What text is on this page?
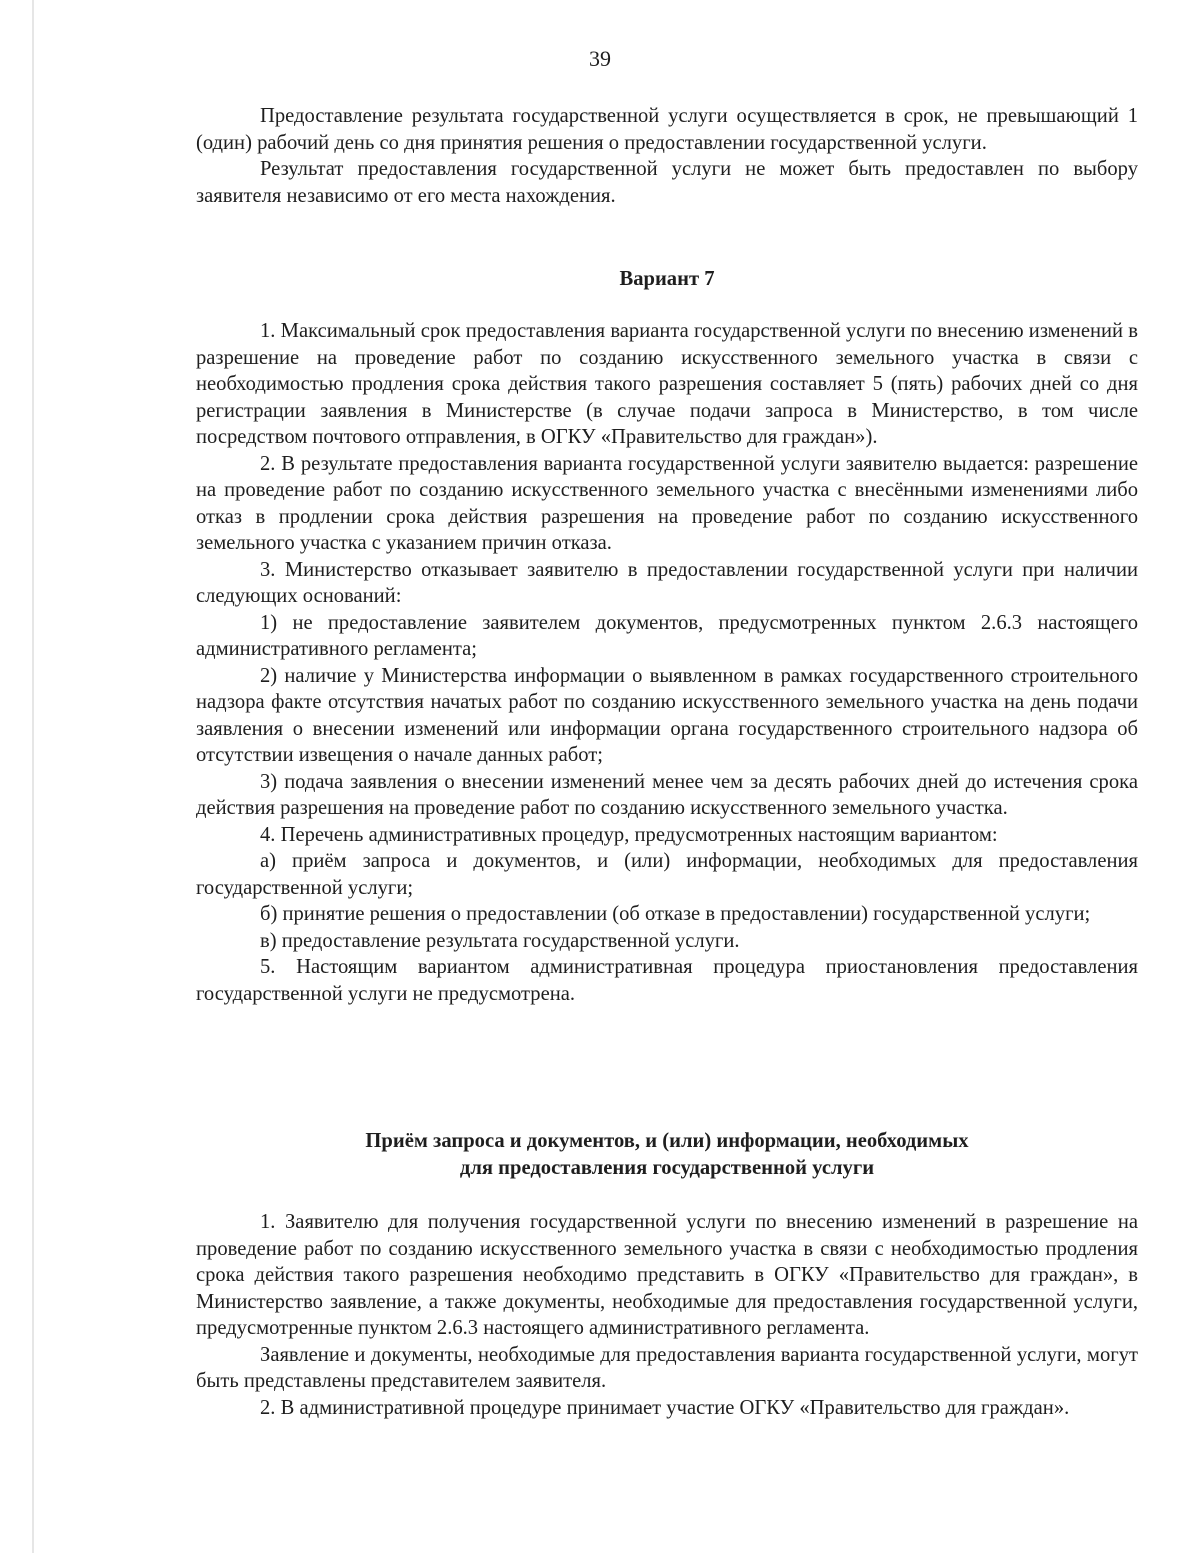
39

Предоставление результата государственной услуги осуществляется в срок, не превышающий 1 (один) рабочий день со дня принятия решения о предоставлении государственной услуги.

Результат предоставления государственной услуги не может быть предоставлен по выбору заявителя независимо от его места нахождения.

Вариант 7

1. Максимальный срок предоставления варианта государственной услуги по внесению изменений в разрешение на проведение работ по созданию искусственного земельного участка в связи с необходимостью продления срока действия такого разрешения составляет 5 (пять) рабочих дней со дня регистрации заявления в Министерстве (в случае подачи запроса в Министерство, в том числе посредством почтового отправления, в ОГКУ «Правительство для граждан»).

2. В результате предоставления варианта государственной услуги заявителю выдается: разрешение на проведение работ по созданию искусственного земельного участка с внесёнными изменениями либо отказ в продлении срока действия разрешения на проведение работ по созданию искусственного земельного участка с указанием причин отказа.

3. Министерство отказывает заявителю в предоставлении государственной услуги при наличии следующих оснований:

1) не предоставление заявителем документов, предусмотренных пунктом 2.6.3 настоящего административного регламента;

2) наличие у Министерства информации о выявленном в рамках государственного строительного надзора факте отсутствия начатых работ по созданию искусственного земельного участка на день подачи заявления о внесении изменений или информации органа государственного строительного надзора об отсутствии извещения о начале данных работ;

3) подача заявления о внесении изменений менее чем за десять рабочих дней до истечения срока действия разрешения на проведение работ по созданию искусственного земельного участка.

4. Перечень административных процедур, предусмотренных настоящим вариантом:

а) приём запроса и документов, и (или) информации, необходимых для предоставления государственной услуги;

б) принятие решения о предоставлении (об отказе в предоставлении) государственной услуги;

в) предоставление результата государственной услуги.

5. Настоящим вариантом административная процедура приостановления предоставления государственной услуги не предусмотрена.

Приём запроса и документов, и (или) информации, необходимых
для предоставления государственной услуги

1. Заявителю для получения государственной услуги по внесению изменений в разрешение на проведение работ по созданию искусственного земельного участка в связи с необходимостью продления срока действия такого разрешения необходимо представить в ОГКУ «Правительство для граждан», в Министерство заявление, а также документы, необходимые для предоставления государственной услуги, предусмотренные пунктом 2.6.3 настоящего административного регламента.

Заявление и документы, необходимые для предоставления варианта государственной услуги, могут быть представлены представителем заявителя.

2. В административной процедуре принимает участие ОГКУ «Правительство для граждан».
